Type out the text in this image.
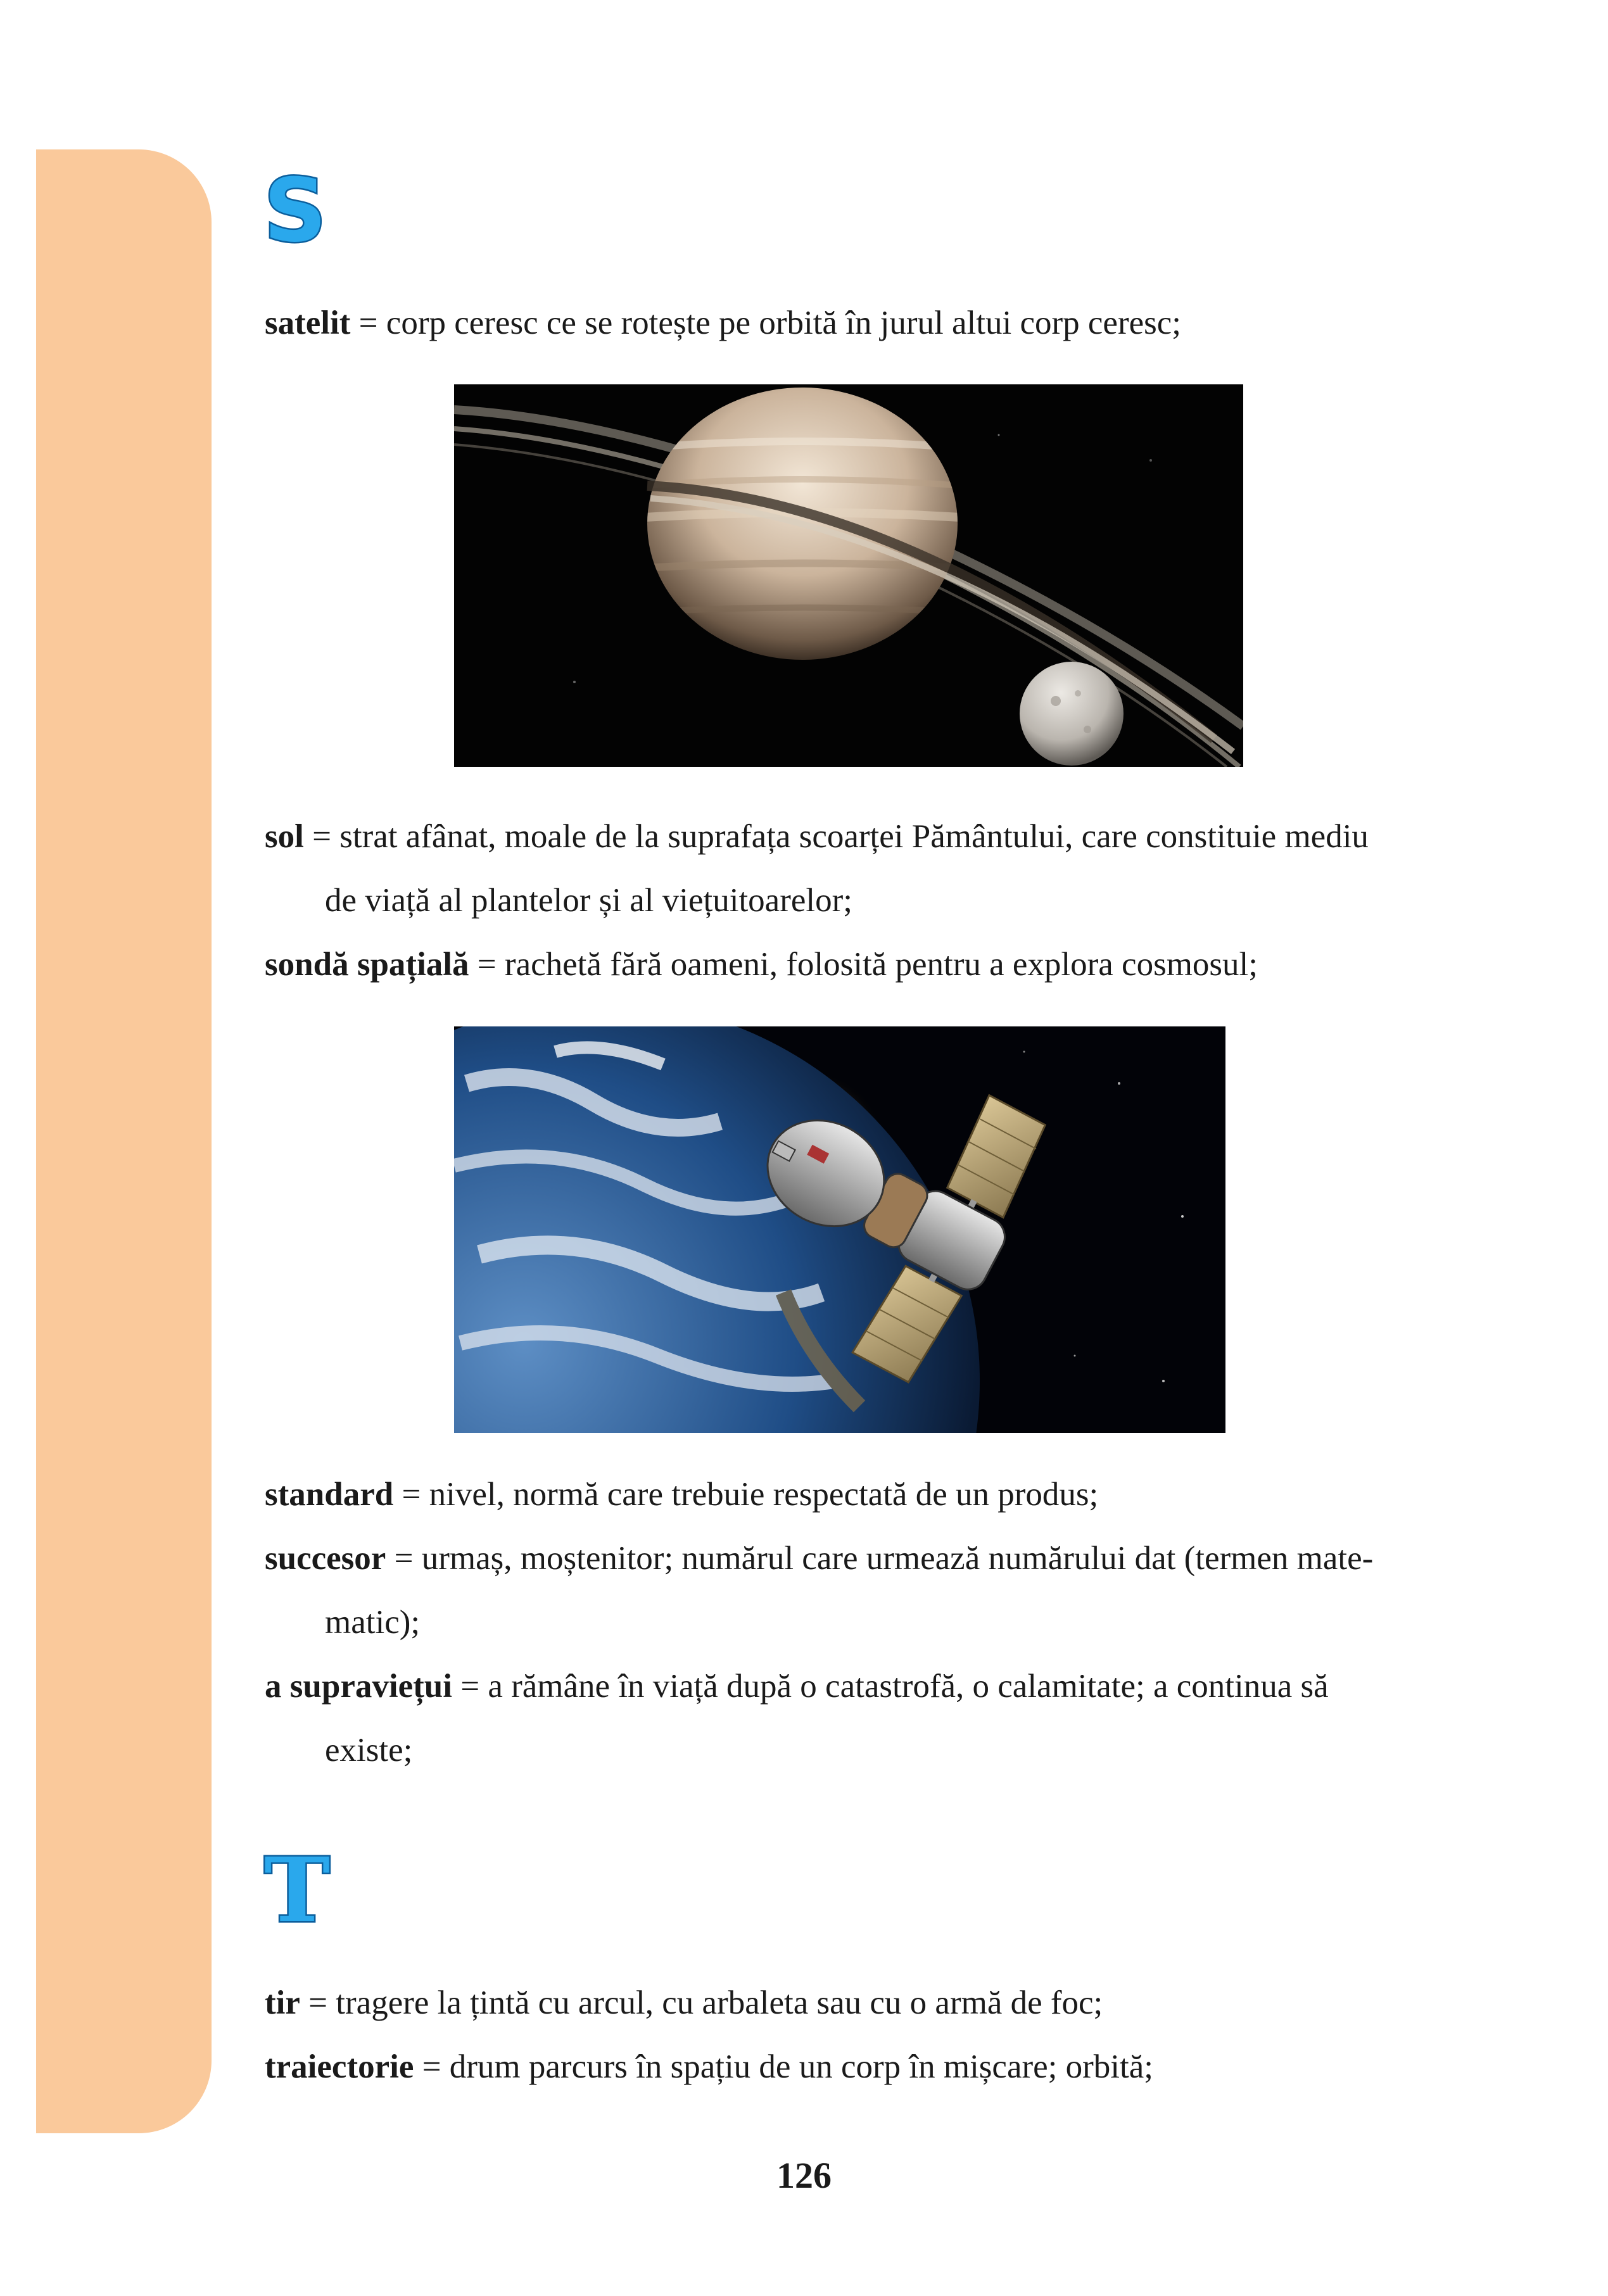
S
T
satelit = corp ceresc ce se rotește pe orbită în jurul altui corp ceresc;
sol = strat afânat, moale de la suprafața scoarței Pământului, care constituie mediu
de viață al plantelor și al viețuitoarelor;
sondă spațială = rachetă fără oameni, folosită pentru a explora cosmosul;
standard = nivel, normă care trebuie respectată de un produs;
succesor = urmaș, moștenitor; numărul care urmează numărului dat (termen mate-
matic);
a supraviețui = a rămâne în viață după o catastrofă, o calamitate; a continua să
existe;
tir = tragere la țintă cu arcul, cu arbaleta sau cu o armă de foc;
traiectorie = drum parcurs în spațiu de un corp în mișcare; orbită;
126
